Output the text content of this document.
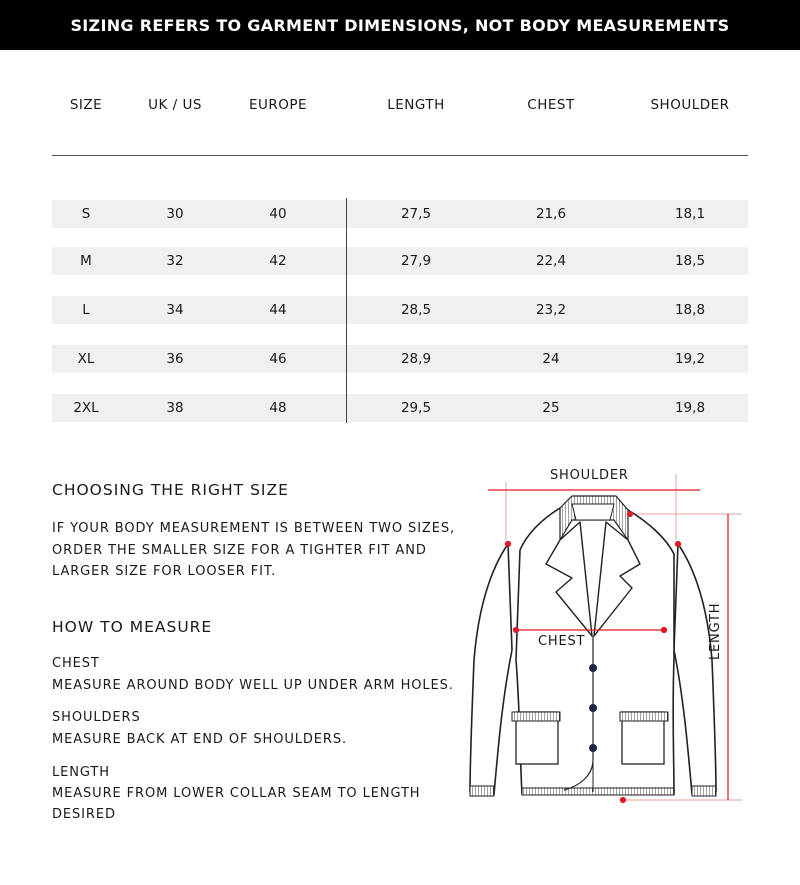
SIZING REFERS TO GARMENT DIMENSIONS, NOT BODY MEASUREMENTS
SIZE	UK / US	EUROPE	LENGTH	CHEST	SHOULDER
S	30	40	27,5	21,6	18,1
M	32	42	27,9	22,4	18,5
L	34	44	28,5	23,2	18,8
XL	36	46	28,9	24	19,2
2XL	38	48	29,5	25	19,8
CHOOSING THE RIGHT SIZE
IF YOUR BODY MEASUREMENT IS BETWEEN TWO SIZES,
ORDER THE SMALLER SIZE FOR A TIGHTER FIT AND
LARGER SIZE FOR LOOSER FIT.
HOW TO MEASURE
CHEST
MEASURE AROUND BODY WELL UP UNDER ARM HOLES.
SHOULDERS
MEASURE BACK AT END OF SHOULDERS.
LENGTH
MEASURE FROM LOWER COLLAR SEAM TO LENGTH
DESIRED
SHOULDER
CHEST	LENGTH
